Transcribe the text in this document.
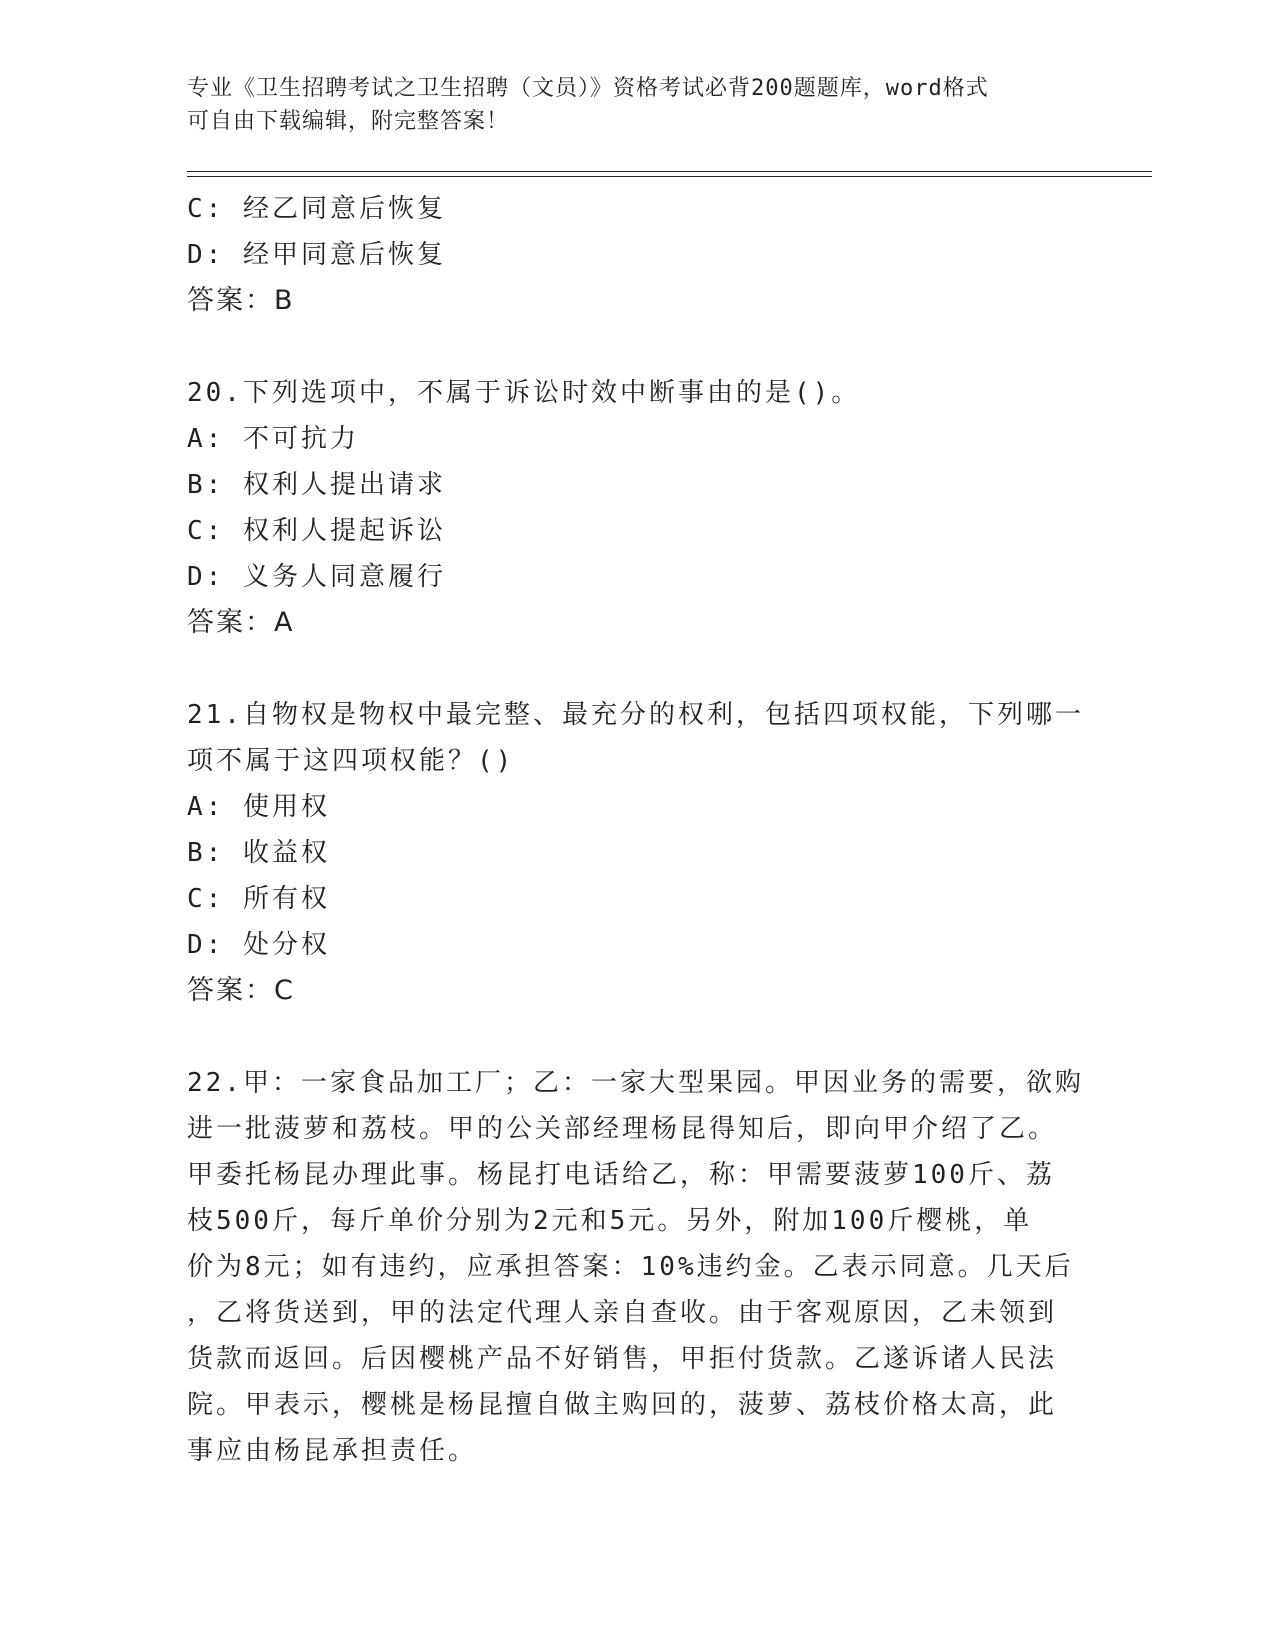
专业《卫生招聘考试之卫生招聘（文员）》资格考试必背200题题库，word格式
可自由下载编辑，附完整答案！
C: 经乙同意后恢复
D: 经甲同意后恢复
答案：B
20.下列选项中，不属于诉讼时效中断事由的是()。
A: 不可抗力
B: 权利人提出请求
C: 权利人提起诉讼
D: 义务人同意履行
答案：A
21.自物权是物权中最完整、最充分的权利，包括四项权能，下列哪一
项不属于这四项权能？()
A: 使用权
B: 收益权
C: 所有权
D: 处分权
答案：C
22.甲：一家食品加工厂；乙：一家大型果园。甲因业务的需要，欲购
进一批菠萝和荔枝。甲的公关部经理杨昆得知后，即向甲介绍了乙。
甲委托杨昆办理此事。杨昆打电话给乙，称：甲需要菠萝100斤、荔
枝500斤，每斤单价分别为2元和5元。另外，附加100斤樱桃，单
价为8元；如有违约，应承担答案：10%违约金。乙表示同意。几天后
，乙将货送到，甲的法定代理人亲自查收。由于客观原因，乙未领到
货款而返回。后因樱桃产品不好销售，甲拒付货款。乙遂诉诸人民法
院。甲表示，樱桃是杨昆擅自做主购回的，菠萝、荔枝价格太高，此
事应由杨昆承担责任。
